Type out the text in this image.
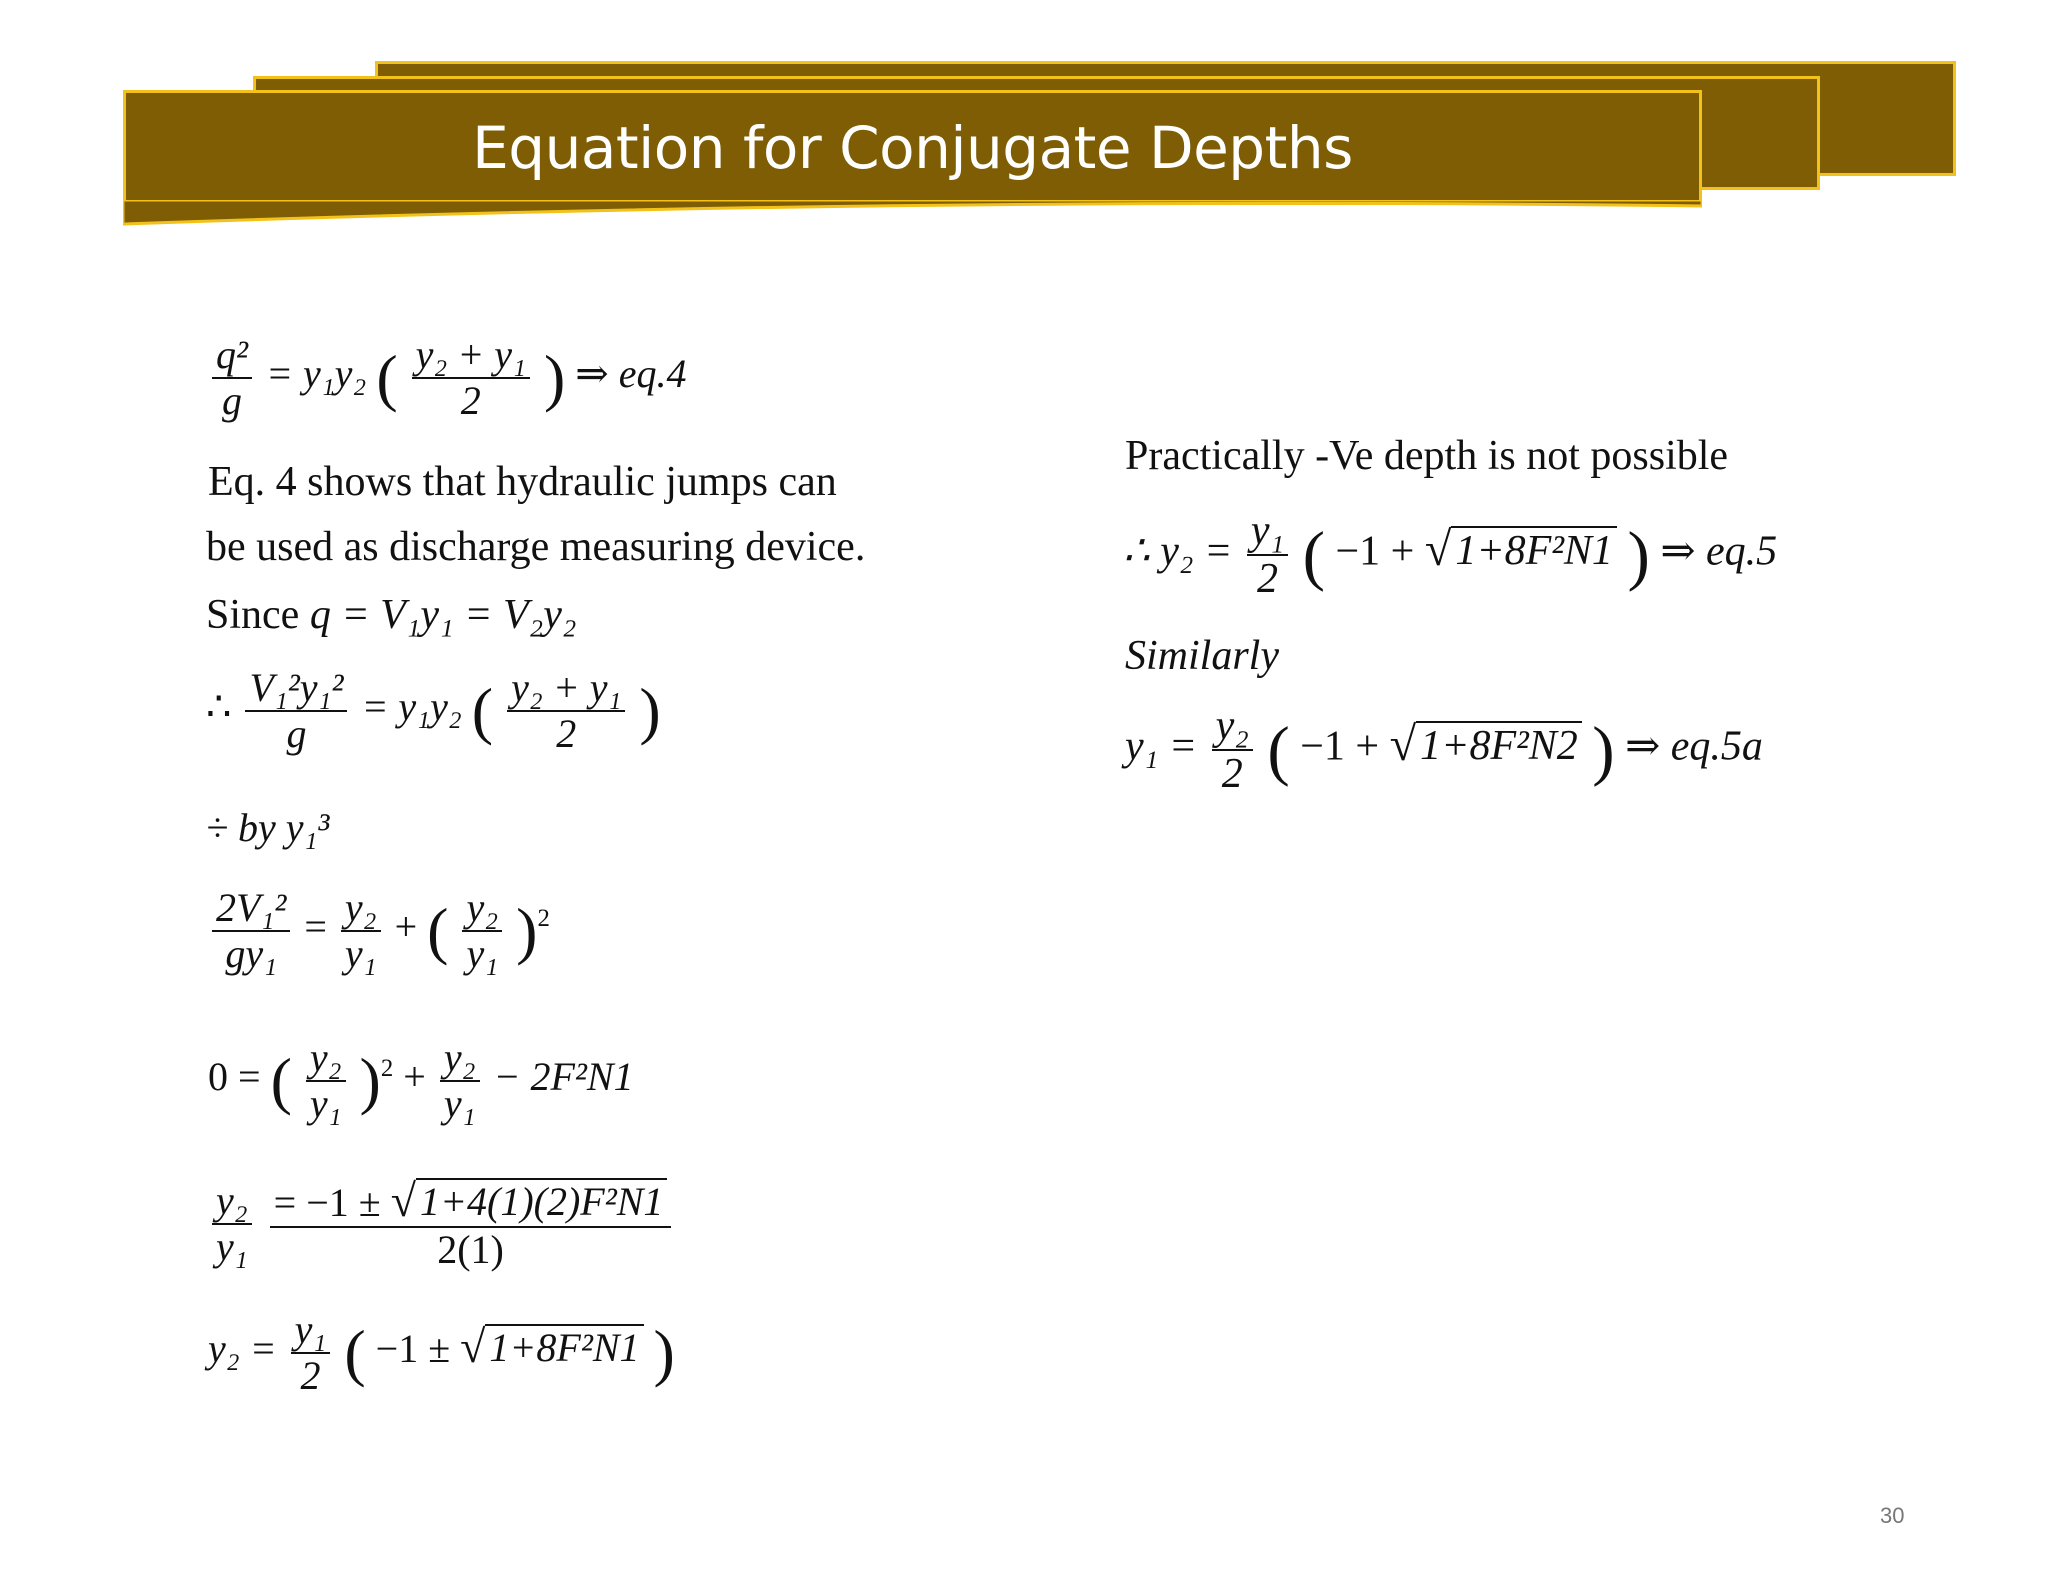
Equation for Conjugate Depths
$\frac{\text{q²}}{g} = y_1y_2$ ( $\frac{\text{y₂ + y₁}}{2}$ ) ⇒ eq.4
Eq. 4 shows that hydraulic jumps can
be used as discharge measuring device.
Since q = V₁y₁ = V₂y₂
∴ $\frac{\text{V₁²y₁²}}{g} = y_1y_2$ ( $\frac{\text{y₂ + y₁}}{2}$ )
÷ by y₁³
$\frac{\text{2V₁²}}{\text{gy₁}} = \frac{\text{y₂}}{\text{y₁}}$ + ( $\frac{\text{y₂}}{\text{y₁}} )^2$
0 = ( $\frac{\text{y₂}}{\text{y₁}} )^2 + \frac{\text{y₂}}{\text{y₁}} - 2F^2N1$
$\frac{\text{y₂}}{\text{y₁}}$
$\frac{\text{= −1 ± √ 1+4(1)(2)F²N1}}{2(1)}$
$y_2 = \frac{\text{y₁}}{2}$ ( −1 ± √ 1+8F²N1 )
Practically -Ve depth is not possible
∴ $y_2 = \frac{\text{y₁}}{2}$ ( −1 + √ 1+8F²N1 ) ⇒ eq.5
Similarly
$y_1 = \frac{\text{y₂}}{2}$ ( −1 + √ 1+8F²N2 ) ⇒ eq.5a
30
